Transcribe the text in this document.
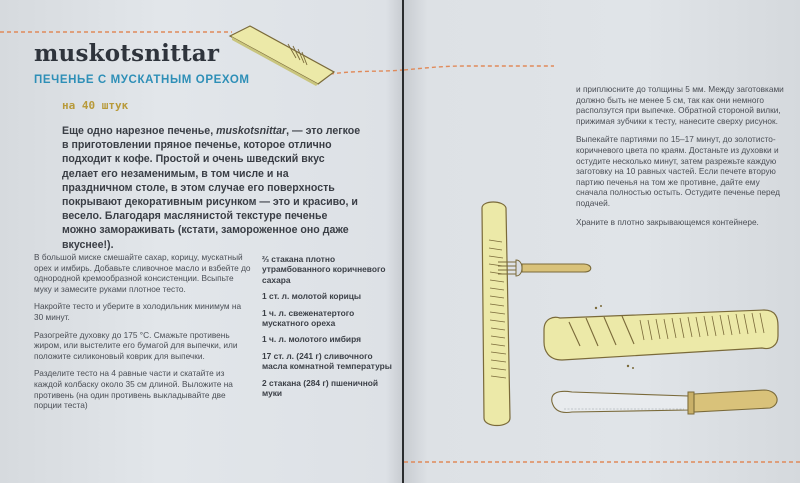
muskotsnittar
ПЕЧЕНЬЕ С МУСКАТНЫМ ОРЕХОМ
на 40 штук
Еще одно нарезное печенье, muskotsnittar, — это легкое в приготовлении пряное печенье, которое отлично подходит к кофе. Простой и очень шведский вкус делает его незаменимым, в том числе и на праздничном столе, в этом случае его поверхность покрывают декоративным рисунком — это и красиво, и весело. Благодаря маслянистой текстуре печенье можно замораживать (кстати, замороженное оно даже вкуснее!).

В большой миске смешайте сахар, корицу, мускатный орех и имбирь. Добавьте сливочное масло и взбейте до однородной кремообразной консистенции. Всыпьте муку и замесите руками плотное тесто.

Накройте тесто и уберите в холодильник минимум на 30 минут.

Разогрейте духовку до 175 °С. Смажьте противень жиром, или выстелите его бумагой для выпечки, или положите силиконовый коврик для выпечки.

Разделите тесто на 4 равные части и скатайте из каждой колбаску около 35 см длиной. Выложите на противень (на один противень выкладывайте две порции теста)

⅔ стакана плотно утрамбованного коричневого сахара

1 ст. л. молотой корицы

1 ч. л. свеженатертого мускатного ореха

1 ч. л. молотого имбиря

17 ст. л. (241 г) сливочного масла комнатной температуры

2 стакана (284 г) пшеничной муки

и приплюсните до толщины 5 мм. Между заготовками должно быть не менее 5 см, так как они немного расползутся при выпечке. Обратной стороной вилки, прижимая зубчики к тесту, нанесите сверху рисунок.

Выпекайте партиями по 15–17 минут, до золотисто-коричневого цвета по краям. Достаньте из духовки и остудите несколько минут, затем разрежьте каждую заготовку на 10 равных частей. Если печете вторую партию печенья на том же противне, дайте ему сначала полностью остыть. Остудите печенье перед подачей.

Храните в плотно закрывающемся контейнере.
